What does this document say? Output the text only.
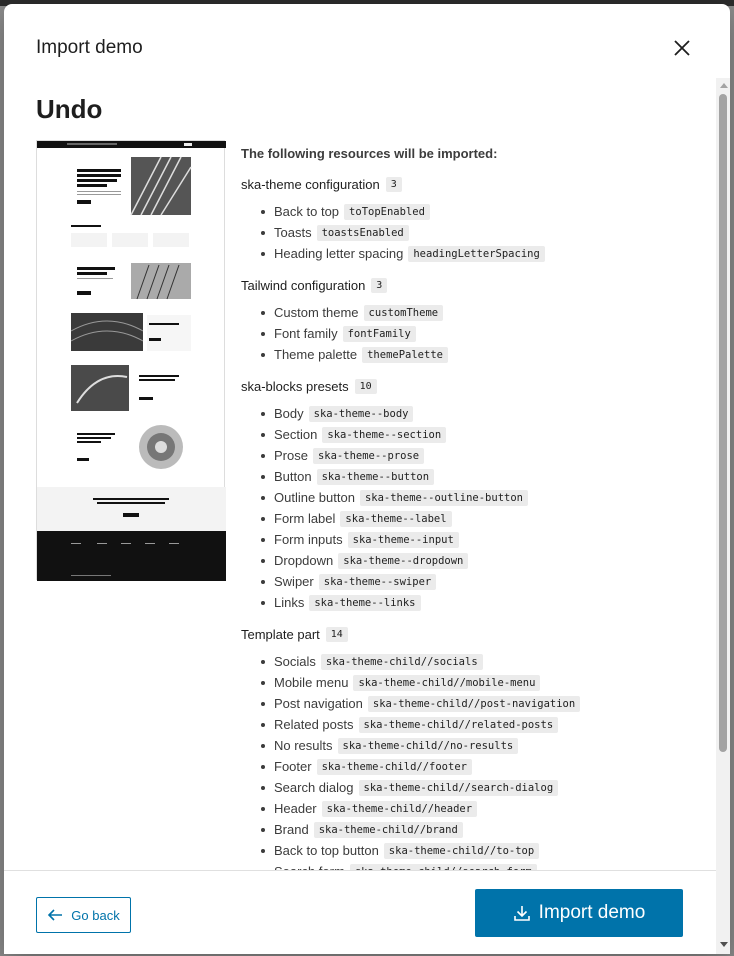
Import demo
Undo

The following resources will be imported:

ska-theme configuration	3
Back to top toTopEnabled
Toasts toastsEnabled
Heading letter spacing headingLetterSpacing
Tailwind configuration	3
Custom theme customTheme
Font family fontFamily
Theme palette themePalette
ska-blocks presets	10
Body ska-theme--body
Section ska-theme--section
Prose ska-theme--prose
Button ska-theme--button
Outline button ska-theme--outline-button
Form label ska-theme--label
Form inputs ska-theme--input
Dropdown ska-theme--dropdown
Swiper ska-theme--swiper
Links ska-theme--links
Template part	14
Socials ska-theme-child//socials
Mobile menu ska-theme-child//mobile-menu
Post navigation ska-theme-child//post-navigation
Related posts ska-theme-child//related-posts
No results ska-theme-child//no-results
Footer ska-theme-child//footer
Search dialog ska-theme-child//search-dialog
Header ska-theme-child//header
Brand ska-theme-child//brand
Back to top button ska-theme-child//to-top
Go back	Import demo
